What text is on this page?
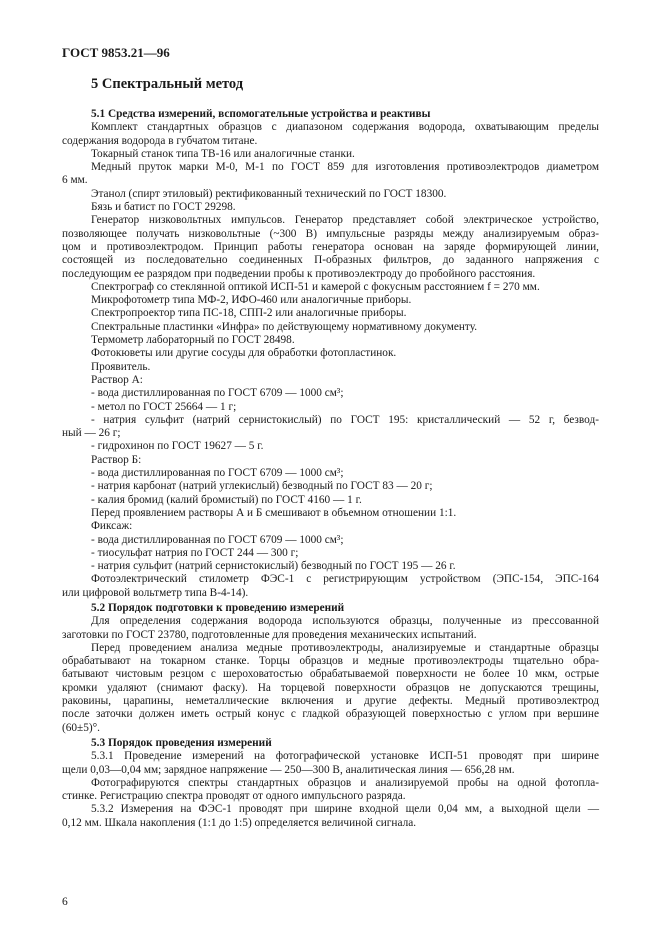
ГОСТ 9853.21—96
5 Спектральный метод

5.1 Средства измерений, вспомогательные устройства и реактивы

Комплект стандартных образцов с диапазоном содержания водорода, охватывающим пределы

содержания водорода в губчатом титане.

Токарный станок типа ТВ-16 или аналогичные станки.

Медный пруток марки М-0, М-1 по ГОСТ 859 для изготовления противоэлектродов диаметром

6 мм.

Этанол (спирт этиловый) ректификованный технический по ГОСТ 18300.

Бязь и батист по ГОСТ 29298.

Генератор низковольтных импульсов. Генератор представляет собой электрическое устройство,

позволяющее получать низковольтные (~300 В) импульсные разряды между анализируемым образ-

цом и противоэлектродом. Принцип работы генератора основан на заряде формирующей линии,

состоящей из последовательно соединенных П-образных фильтров, до заданного напряжения с

последующим ее разрядом при подведении пробы к противоэлектроду до пробойного расстояния.

Спектрограф со стеклянной оптикой ИСП-51 и камерой с фокусным расстоянием f = 270 мм.

Микрофотометр типа МФ-2, ИФО-460 или аналогичные приборы.

Спектропроектор типа ПС-18, СПП-2 или аналогичные приборы.

Спектральные пластинки «Инфра» по действующему нормативному документу.

Термометр лабораторный по ГОСТ 28498.

Фотокюветы или другие сосуды для обработки фотопластинок.

Проявитель.

Раствор А:

- вода дистиллированная по ГОСТ 6709 — 1000 см³;

- метол по ГОСТ 25664 — 1 г;

- натрия сульфит (натрий сернистокислый) по ГОСТ 195: кристаллический — 52 г, безвод-

ный — 26 г;

- гидрохинон по ГОСТ 19627 — 5 г.

Раствор Б:

- вода дистиллированная по ГОСТ 6709 — 1000 см³;

- натрия карбонат (натрий углекислый) безводный по ГОСТ 83 — 20 г;

- калия бромид (калий бромистый) по ГОСТ 4160 — 1 г.

Перед проявлением растворы А и Б смешивают в объемном отношении 1:1.

Фиксаж:

- вода дистиллированная по ГОСТ 6709 — 1000 см³;

- тиосульфат натрия по ГОСТ 244 — 300 г;

- натрия сульфит (натрий сернистокислый) безводный по ГОСТ 195 — 26 г.

Фотоэлектрический стилометр ФЭС-1 с регистрирующим устройством (ЭПС-154, ЭПС-164

или цифровой вольтметр типа В-4-14).

5.2 Порядок подготовки к проведению измерений

Для определения содержания водорода используются образцы, полученные из прессованной

заготовки по ГОСТ 23780, подготовленные для проведения механических испытаний.

Перед проведением анализа медные противоэлектроды, анализируемые и стандартные образцы

обрабатывают на токарном станке. Торцы образцов и медные противоэлектроды тщательно обра-

батывают чистовым резцом с шероховатостью обрабатываемой поверхности не более 10 мкм, острые

кромки удаляют (снимают фаску). На торцевой поверхности образцов не допускаются трещины,

раковины, царапины, неметаллические включения и другие дефекты. Медный противоэлектрод

после заточки должен иметь острый конус с гладкой образующей поверхностью с углом при вершине

(60±5)°.

5.3 Порядок проведения измерений

5.3.1 Проведение измерений на фотографической установке ИСП-51 проводят при ширине

щели 0,03—0,04 мм; зарядное напряжение — 250—300 В, аналитическая линия — 656,28 нм.

Фотографируются спектры стандартных образцов и анализируемой пробы на одной фотопла-

стинке. Регистрацию спектра проводят от одного импульсного разряда.

5.3.2 Измерения на ФЭС-1 проводят при ширине входной щели 0,04 мм, а выходной щели —

0,12 мм. Шкала накопления (1:1 до 1:5) определяется величиной сигнала.

6
